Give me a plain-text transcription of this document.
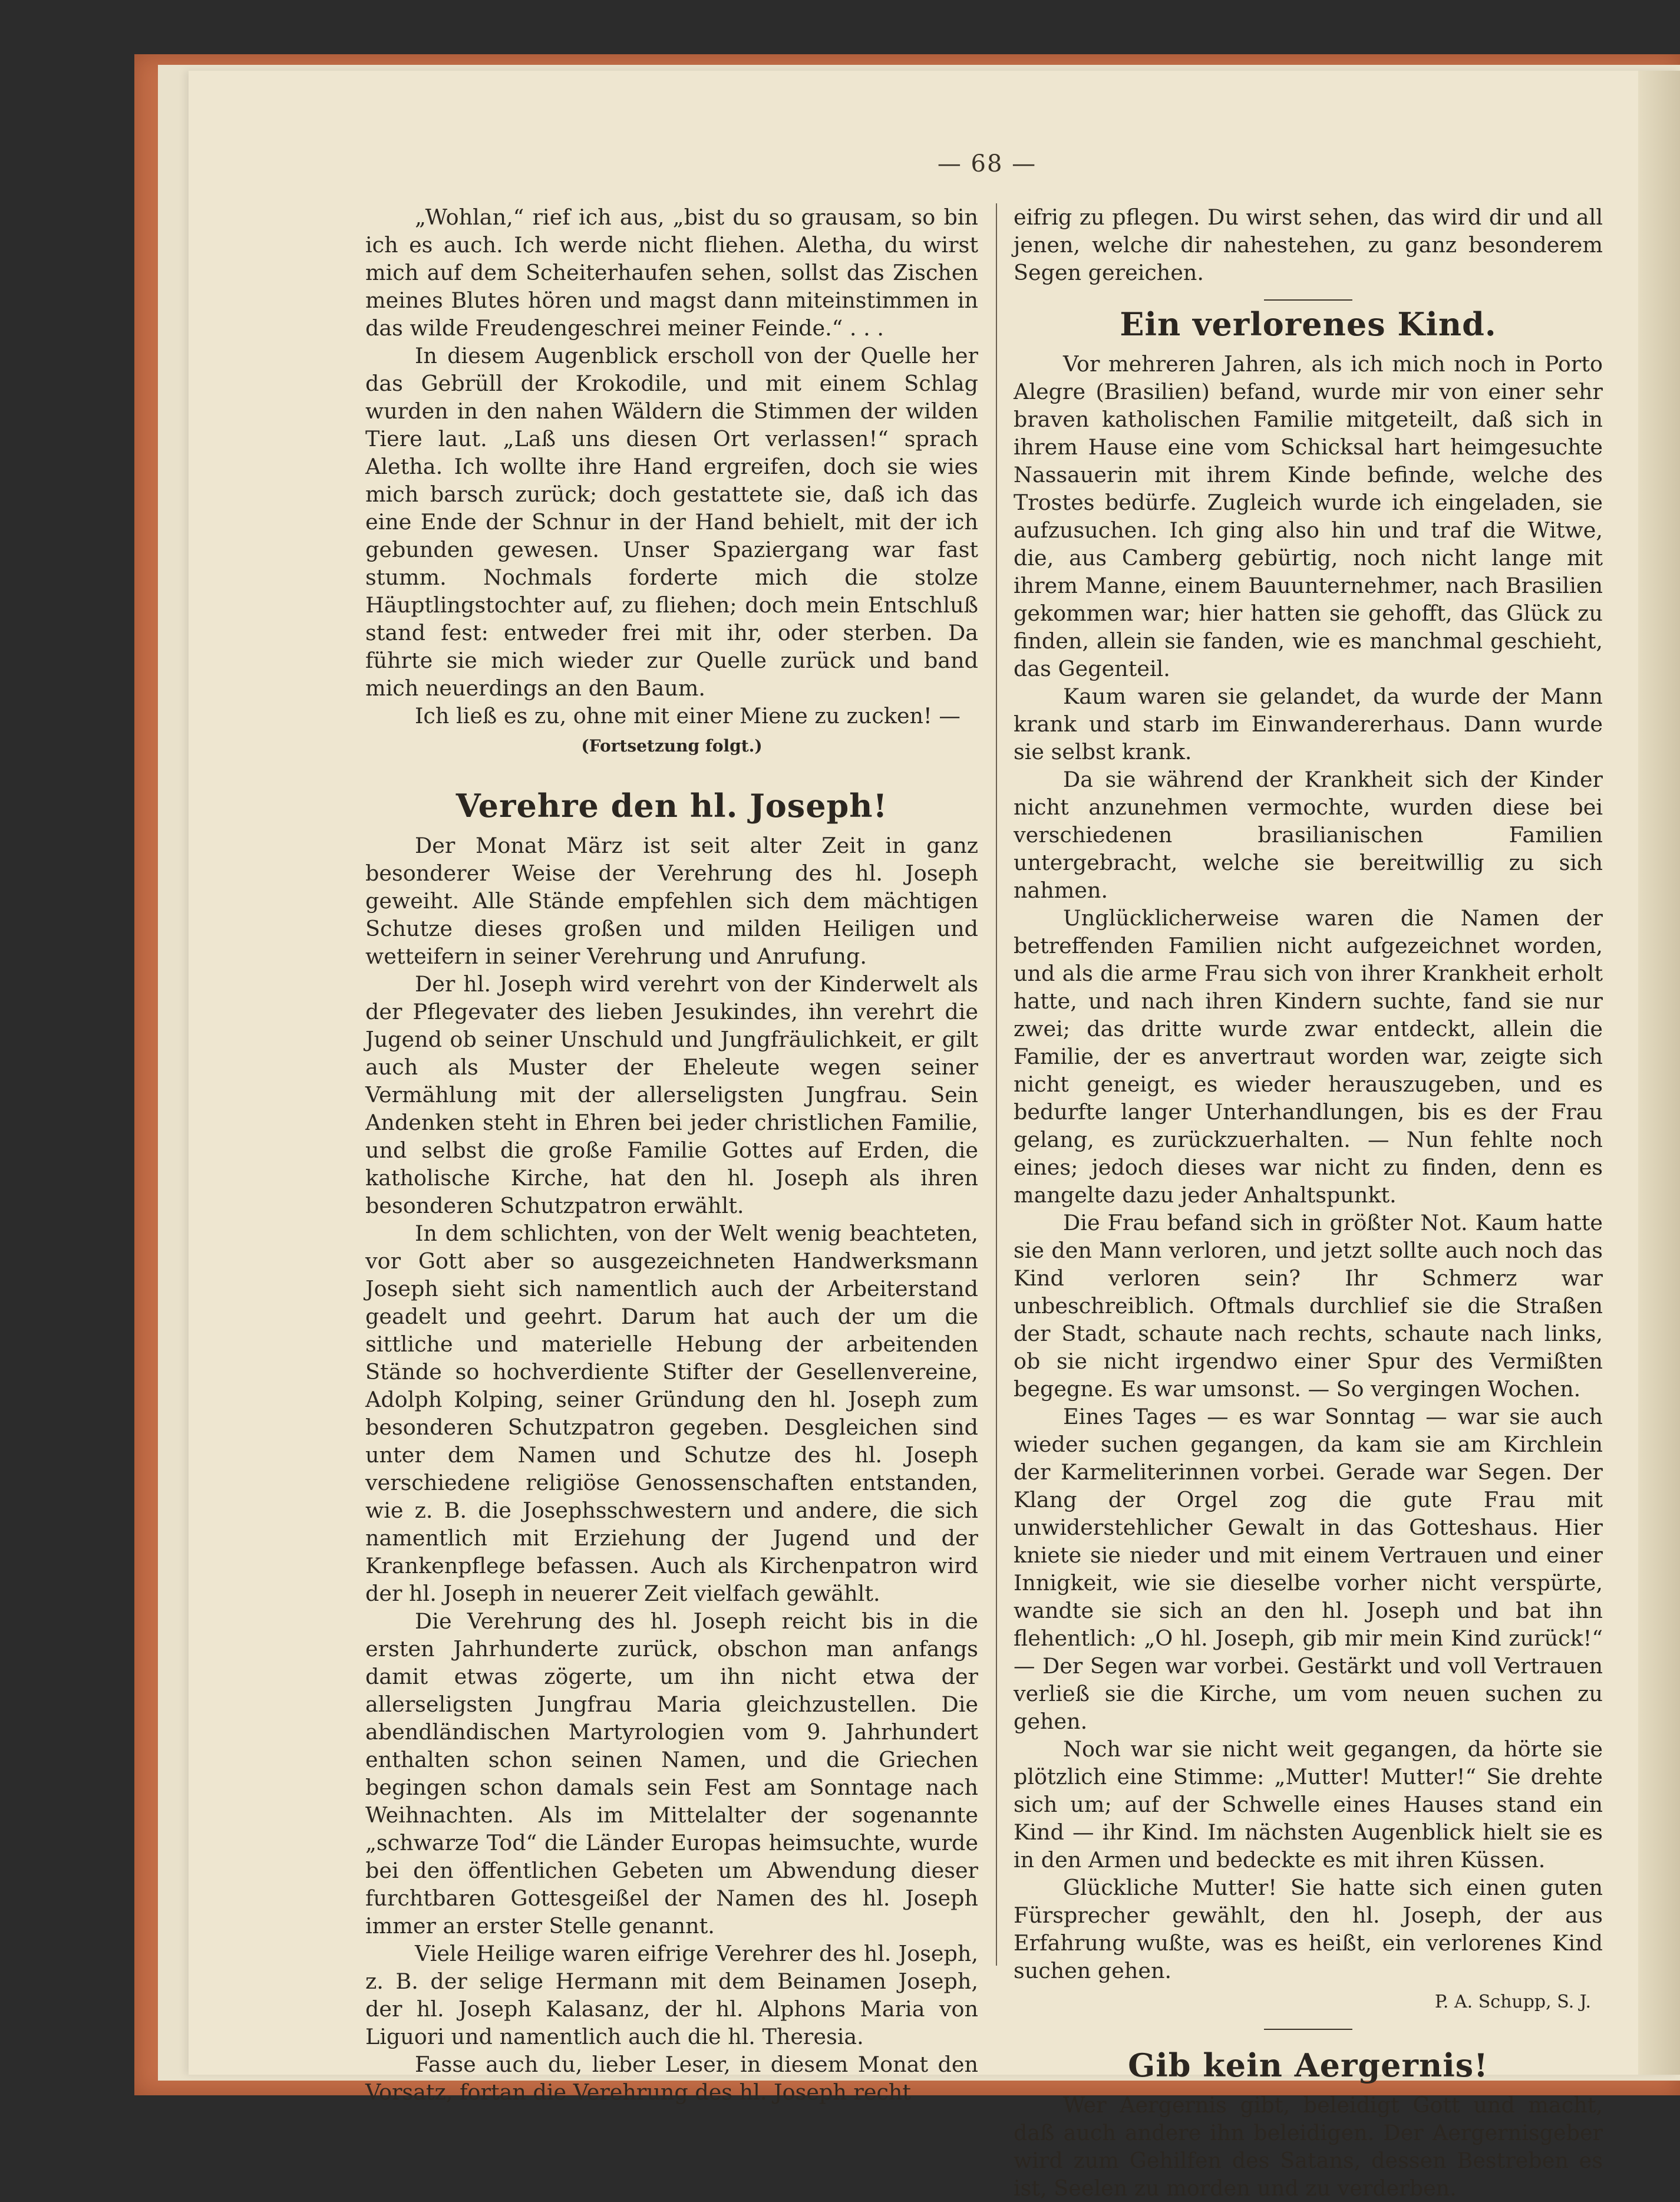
— 68 —

„Wohlan,“ rief ich aus, „bist du so grausam, so bin ich es auch. Ich werde nicht fliehen. Aletha, du wirst mich auf dem Scheiterhaufen sehen, sollst das Zischen meines Blutes hören und magst dann miteinstimmen in das wilde Freudengeschrei meiner Feinde.“ . . .

In diesem Augenblick erscholl von der Quelle her das Gebrüll der Krokodile, und mit einem Schlag wurden in den nahen Wäldern die Stimmen der wilden Tiere laut. „Laß uns diesen Ort verlassen!“ sprach Aletha. Ich wollte ihre Hand ergreifen, doch sie wies mich barsch zurück; doch gestattete sie, daß ich das eine Ende der Schnur in der Hand behielt, mit der ich gebunden gewesen. Unser Spaziergang war fast stumm. Nochmals forderte mich die stolze Häuptlingstochter auf, zu fliehen; doch mein Entschluß stand fest: entweder frei mit ihr, oder sterben. Da führte sie mich wieder zur Quelle zurück und band mich neuerdings an den Baum.

Ich ließ es zu, ohne mit einer Miene zu zucken! —

(Fortsetzung folgt.)
Verehre den hl. Joseph!

Der Monat März ist seit alter Zeit in ganz besonderer Weise der Verehrung des hl. Joseph geweiht. Alle Stände empfehlen sich dem mächtigen Schutze dieses großen und milden Heiligen und wetteifern in seiner Verehrung und Anrufung.

Der hl. Joseph wird verehrt von der Kinderwelt als der Pflegevater des lieben Jesukindes, ihn verehrt die Jugend ob seiner Unschuld und Jungfräulichkeit, er gilt auch als Muster der Eheleute wegen seiner Vermählung mit der allerseligsten Jungfrau. Sein Andenken steht in Ehren bei jeder christlichen Familie, und selbst die große Familie Gottes auf Erden, die katholische Kirche, hat den hl. Joseph als ihren besonderen Schutzpatron erwählt.

In dem schlichten, von der Welt wenig beachteten, vor Gott aber so ausgezeichneten Handwerksmann Joseph sieht sich namentlich auch der Arbeiterstand geadelt und geehrt. Darum hat auch der um die sittliche und materielle Hebung der arbeitenden Stände so hochverdiente Stifter der Gesellenvereine, Adolph Kolping, seiner Gründung den hl. Joseph zum besonderen Schutzpatron gegeben. Desgleichen sind unter dem Namen und Schutze des hl. Joseph verschiedene religiöse Genossenschaften entstanden, wie z. B. die Josephsschwestern und andere, die sich namentlich mit Erziehung der Jugend und der Krankenpflege befassen. Auch als Kirchenpatron wird der hl. Joseph in neuerer Zeit vielfach gewählt.

Die Verehrung des hl. Joseph reicht bis in die ersten Jahrhunderte zurück, obschon man anfangs damit etwas zögerte, um ihn nicht etwa der allerseligsten Jungfrau Maria gleichzustellen. Die abendländischen Martyrologien vom 9. Jahrhundert enthalten schon seinen Namen, und die Griechen begingen schon damals sein Fest am Sonntage nach Weihnachten. Als im Mittelalter der sogenannte „schwarze Tod“ die Länder Europas heimsuchte, wurde bei den öffentlichen Gebeten um Abwendung dieser furchtbaren Gottesgeißel der Namen des hl. Joseph immer an erster Stelle genannt.

Viele Heilige waren eifrige Verehrer des hl. Joseph, z. B. der selige Hermann mit dem Beinamen Joseph, der hl. Joseph Kalasanz, der hl. Alphons Maria von Liguori und namentlich auch die hl. Theresia.

Fasse auch du, lieber Leser, in diesem Monat den Vorsatz, fortan die Verehrung des hl. Joseph recht

eifrig zu pflegen. Du wirst sehen, das wird dir und all jenen, welche dir nahestehen, zu ganz besonderem Segen gereichen.

Ein verlorenes Kind.

Vor mehreren Jahren, als ich mich noch in Porto Alegre (Brasilien) befand, wurde mir von einer sehr braven katholischen Familie mitgeteilt, daß sich in ihrem Hause eine vom Schicksal hart heimgesuchte Nassauerin mit ihrem Kinde befinde, welche des Trostes bedürfe. Zugleich wurde ich eingeladen, sie aufzusuchen. Ich ging also hin und traf die Witwe, die, aus Camberg gebürtig, noch nicht lange mit ihrem Manne, einem Bauunternehmer, nach Brasilien gekommen war; hier hatten sie gehofft, das Glück zu finden, allein sie fanden, wie es manchmal geschieht, das Gegenteil.

Kaum waren sie gelandet, da wurde der Mann krank und starb im Einwandererhaus. Dann wurde sie selbst krank.

Da sie während der Krankheit sich der Kinder nicht anzunehmen vermochte, wurden diese bei verschiedenen brasilianischen Familien untergebracht, welche sie bereitwillig zu sich nahmen.

Unglücklicherweise waren die Namen der betreffenden Familien nicht aufgezeichnet worden, und als die arme Frau sich von ihrer Krankheit erholt hatte, und nach ihren Kindern suchte, fand sie nur zwei; das dritte wurde zwar entdeckt, allein die Familie, der es anvertraut worden war, zeigte sich nicht geneigt, es wieder herauszugeben, und es bedurfte langer Unterhandlungen, bis es der Frau gelang, es zurückzuerhalten. — Nun fehlte noch eines; jedoch dieses war nicht zu finden, denn es mangelte dazu jeder Anhaltspunkt.

Die Frau befand sich in größter Not. Kaum hatte sie den Mann verloren, und jetzt sollte auch noch das Kind verloren sein? Ihr Schmerz war unbeschreiblich. Oftmals durchlief sie die Straßen der Stadt, schaute nach rechts, schaute nach links, ob sie nicht irgendwo einer Spur des Vermißten begegne. Es war umsonst. — So vergingen Wochen.

Eines Tages — es war Sonntag — war sie auch wieder suchen gegangen, da kam sie am Kirchlein der Karmeliterinnen vorbei. Gerade war Segen. Der Klang der Orgel zog die gute Frau mit unwiderstehlicher Gewalt in das Gotteshaus. Hier kniete sie nieder und mit einem Vertrauen und einer Innigkeit, wie sie dieselbe vorher nicht verspürte, wandte sie sich an den hl. Joseph und bat ihn flehentlich: „O hl. Joseph, gib mir mein Kind zurück!“ — Der Segen war vorbei. Gestärkt und voll Vertrauen verließ sie die Kirche, um vom neuen suchen zu gehen.

Noch war sie nicht weit gegangen, da hörte sie plötzlich eine Stimme: „Mutter! Mutter!“ Sie drehte sich um; auf der Schwelle eines Hauses stand ein Kind — ihr Kind. Im nächsten Augenblick hielt sie es in den Armen und bedeckte es mit ihren Küssen.

Glückliche Mutter! Sie hatte sich einen guten Fürsprecher gewählt, den hl. Joseph, der aus Erfahrung wußte, was es heißt, ein verlorenes Kind suchen gehen.

P. A. Schupp, S. J.
Gib kein Aergernis!

Wer Aergernis gibt, beleidigt Gott und macht, daß auch andere ihn beleidigen. Der Aergernisgeber wird zum Gehilfen des Satans, dessen Bestreben es ist, Seelen zu morden und zu verderben.
